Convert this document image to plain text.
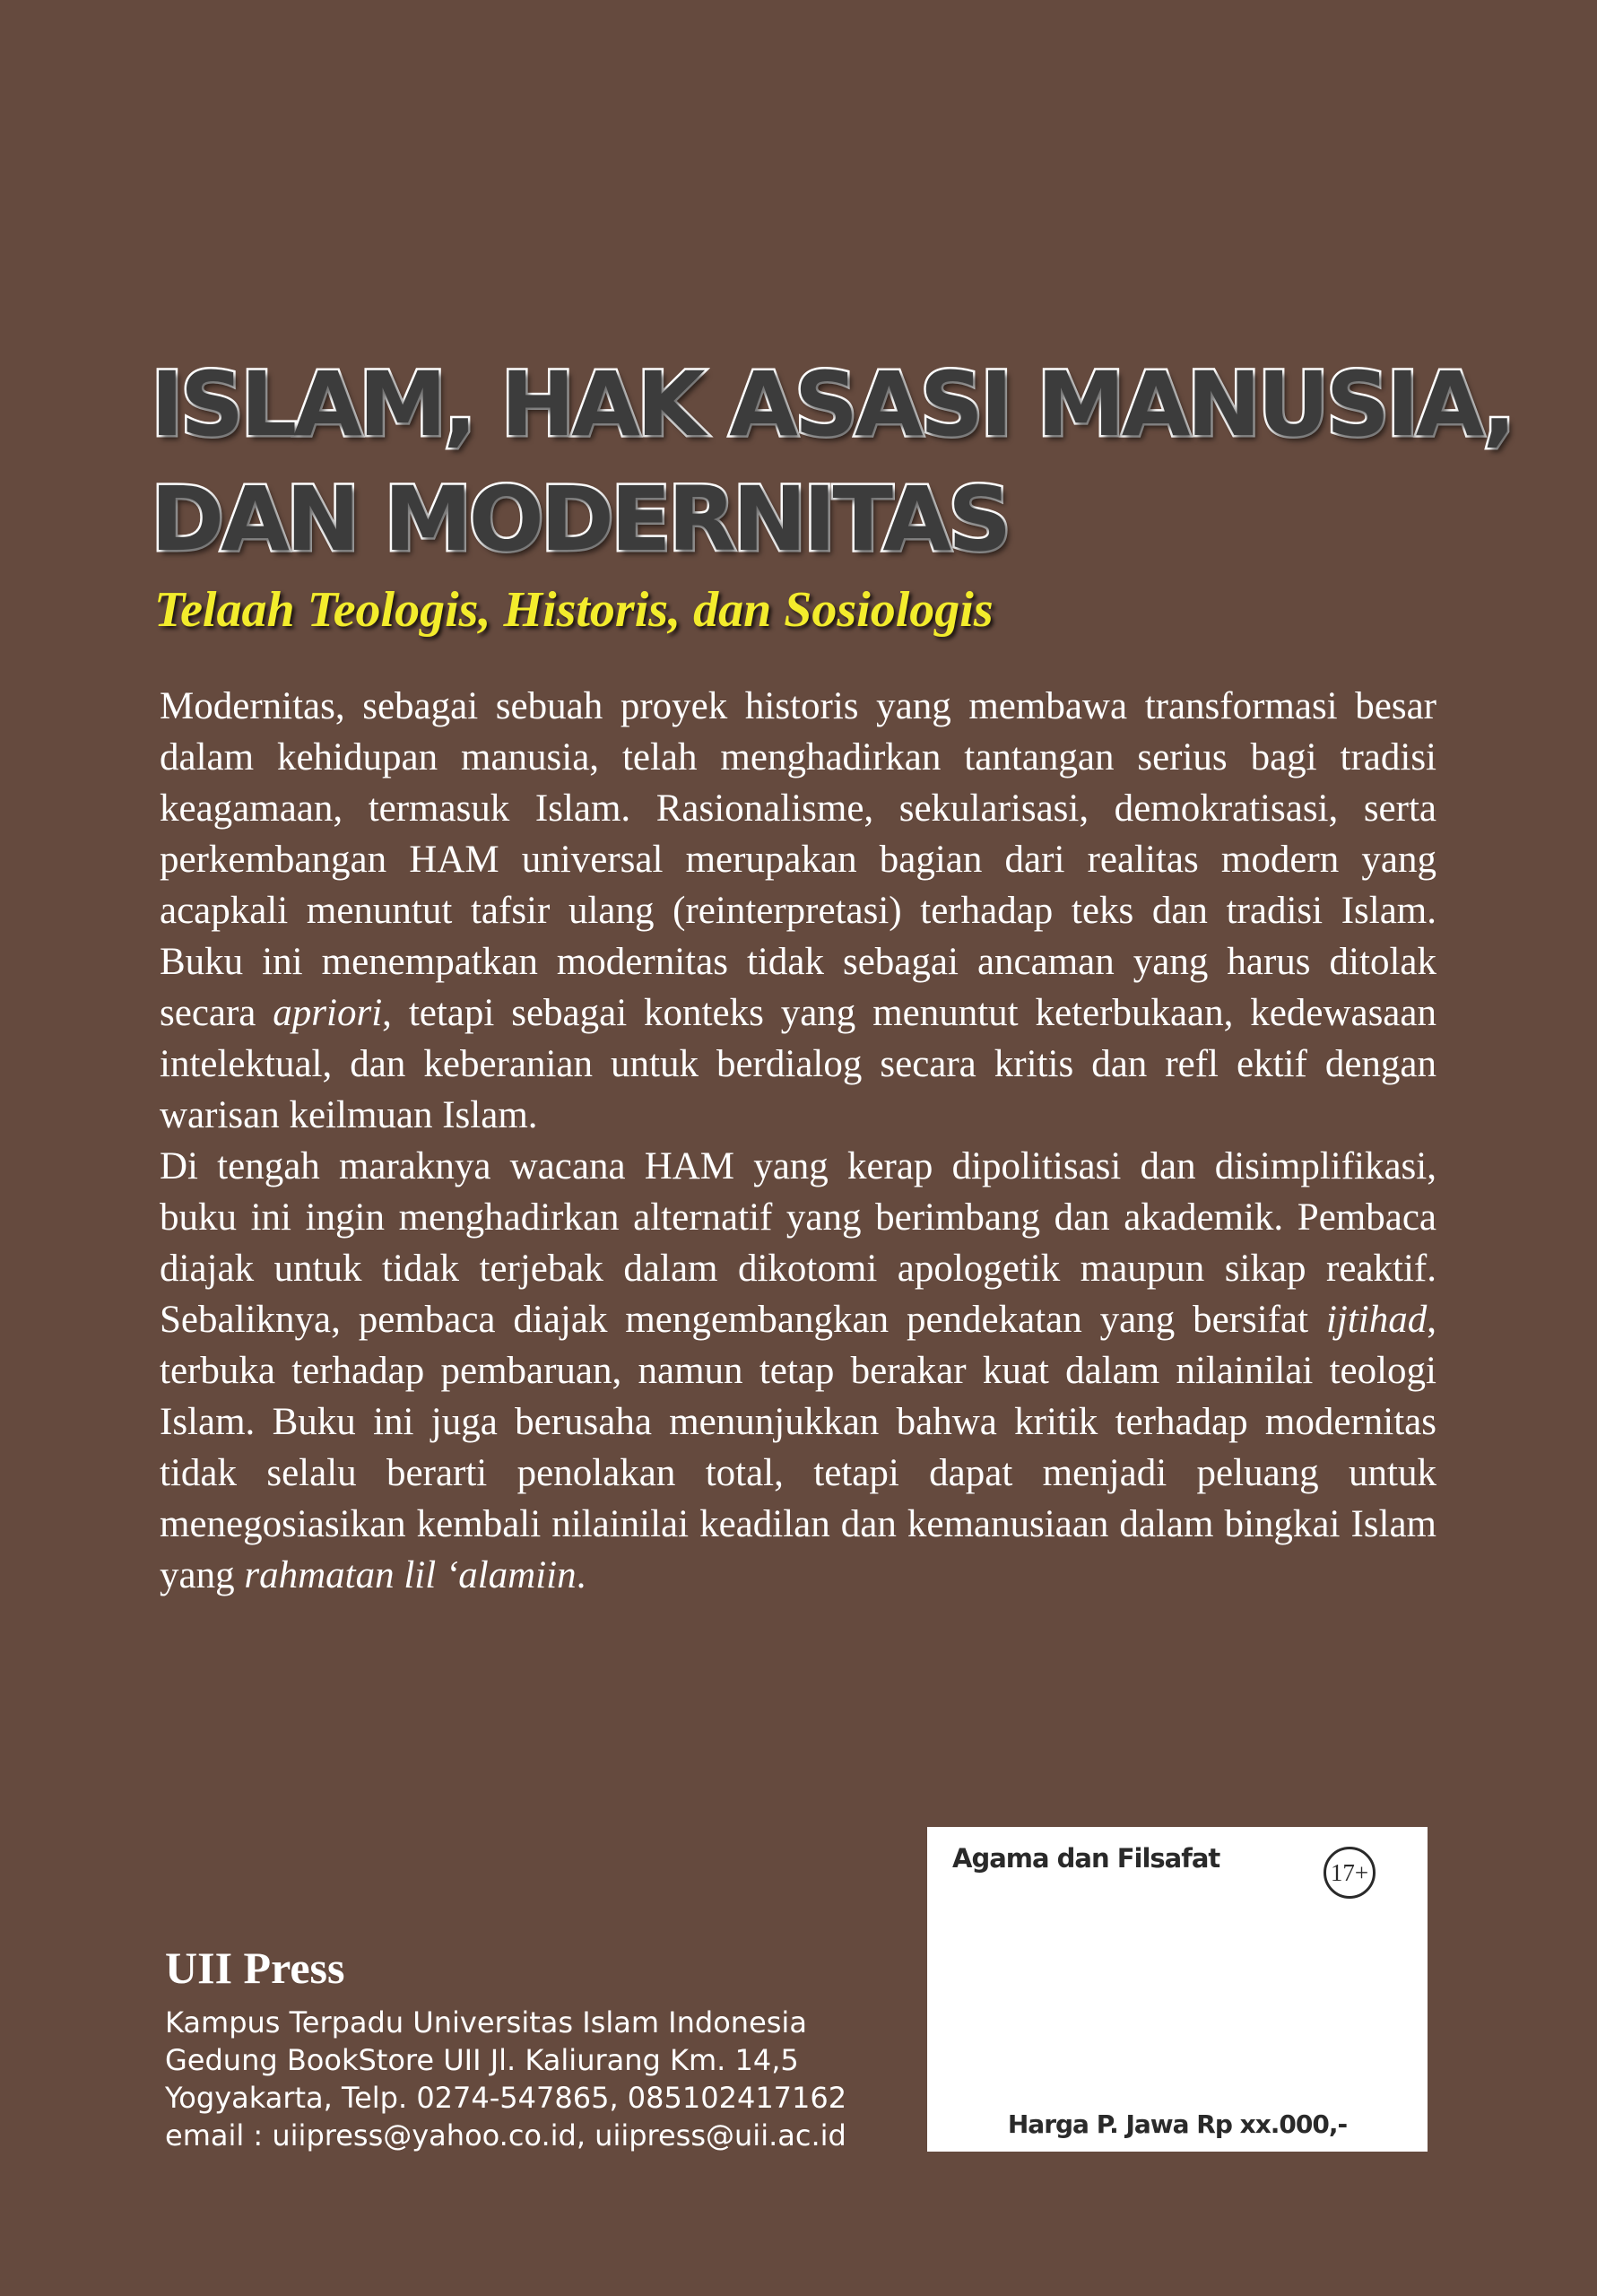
ISLAM, HAK ASASI MANUSIA,
DAN MODERNITAS
Telaah Teologis, Historis, dan Sosiologis

Modernitas, sebagai sebuah proyek historis yang membawa transformasi besar dalam kehidupan manusia, telah menghadirkan tantangan serius bagi tradisi keagamaan, termasuk Islam. Rasionalisme, sekularisasi, demokratisasi, serta perkembangan HAM universal merupakan bagian dari realitas modern yang acapkali menuntut tafsir ulang (reinterpretasi) terhadap teks dan tradisi Islam. Buku ini menempatkan modernitas tidak sebagai ancaman yang harus ditolak secara apriori, tetapi sebagai konteks yang menuntut keterbukaan, kedewasaan intelektual, dan keberanian untuk berdialog secara kritis dan refl ektif dengan warisan keilmuan Islam.

Di tengah maraknya wacana HAM yang kerap dipolitisasi dan disimplifikasi, buku ini ingin menghadirkan alternatif yang berimbang dan akademik. Pembaca diajak untuk tidak terjebak dalam dikotomi apologetik maupun sikap reaktif. Sebaliknya, pembaca diajak mengembangkan pendekatan yang bersifat ijtihad, terbuka terhadap pembaruan, namun tetap berakar kuat dalam nilainilai teologi Islam. Buku ini juga berusaha menunjukkan bahwa kritik terhadap modernitas tidak selalu berarti penolakan total, tetapi dapat menjadi peluang untuk menegosiasikan kembali nilainilai keadilan dan kemanusiaan dalam bingkai Islam yang rahmatan lil ‘alamiin.

UII Press
Kampus Terpadu Universitas Islam Indonesia
Gedung BookStore UII Jl. Kaliurang Km. 14,5
Yogyakarta, Telp. 0274-547865, 085102417162
email : uiipress@yahoo.co.id, uiipress@uii.ac.id
Agama dan Filsafat	17+
Harga P. Jawa Rp xx.000,-
